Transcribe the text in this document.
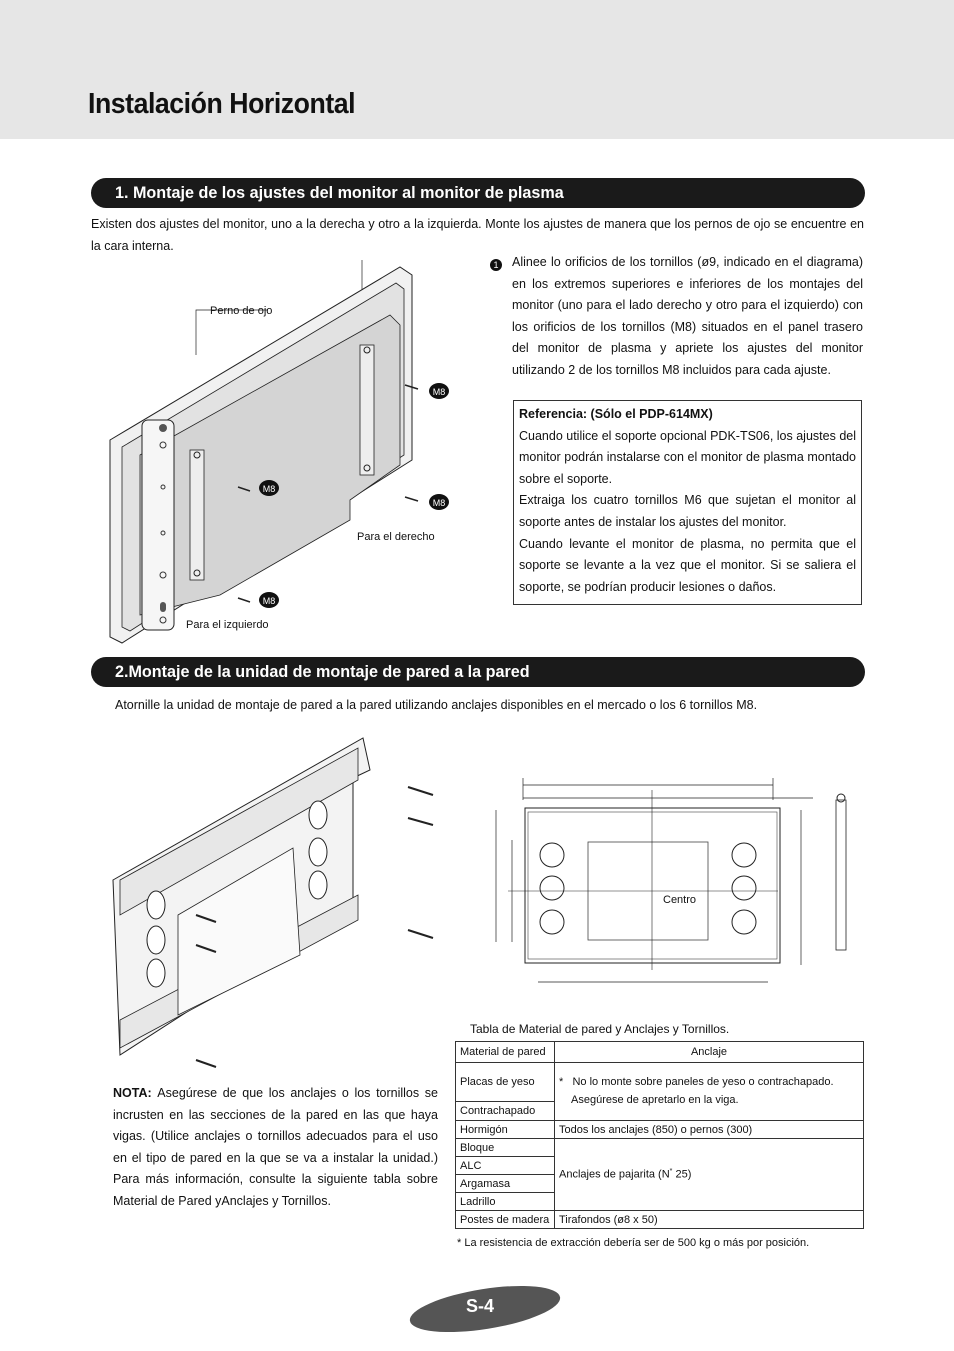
Instalación Horizontal
1. Montaje de los ajustes del monitor al monitor de plasma
Existen dos ajustes del monitor, uno a la derecha y otro a la izquierda. Monte los ajustes de manera que los pernos de ojo se encuentre en la cara interna.
M8
M8
M8
M8
Perno de ojo
Para el derecho
Para el izquierdo
1 Alinee lo orificios de los tornillos (ø9, indicado en el diagrama) en los extremos superiores e inferiores de los montajes del monitor (uno para el lado derecho y otro para el izquierdo) con los orificios de los tornillos (M8) situados en el panel trasero del monitor de plasma y apriete los ajustes del monitor utilizando 2 de los tornillos M8 incluidos para cada ajuste.

Referencia: (Sólo el PDP-614MX)

Cuando utilice el soporte opcional PDK-TS06, los ajustes del monitor podrán instalarse con el monitor de plasma montado sobre el soporte.

Extraiga los cuatro tornillos M6 que sujetan el monitor al soporte antes de instalar los ajustes del monitor.

Cuando levante el monitor de plasma, no permita que el soporte se levante a la vez que el monitor. Si se saliera el soporte, se podrían producir lesiones o daños.

2.Montaje de la unidad de montaje de pared a la pared
Atornille la unidad de montaje de pared a la pared utilizando anclajes disponibles en el mercado o los 6 tornillos M8.
Centro
Tabla de Material de pared y Anclajes y Tornillos.
Material de pared	Anclaje
Placas de yeso	* No lo monte sobre paneles de yeso o contrachapado.
Asegúrese de apretarlo en la viga.
Contrachapado	
Hormigón	Todos los anclajes (850) o pernos (300)
Bloque	Anclajes de pajarita (N* 25)
ALC	
Argamasa	
Ladrillo	
Postes de madera	Tirafondos (ø8 x 50)
* La resistencia de extracción debería ser de 500 kg o más por posición.
NOTA: Asegúrese de que los anclajes o los tornillos se incrusten en las secciones de la pared en las que haya vigas. (Utilice anclajes o tornillos adecuados para el uso en el tipo de pared en la que se va a instalar la unidad.) Para más información, consulte la siguiente tabla sobre Material de Pared yAnclajes y Tornillos.
S-4
